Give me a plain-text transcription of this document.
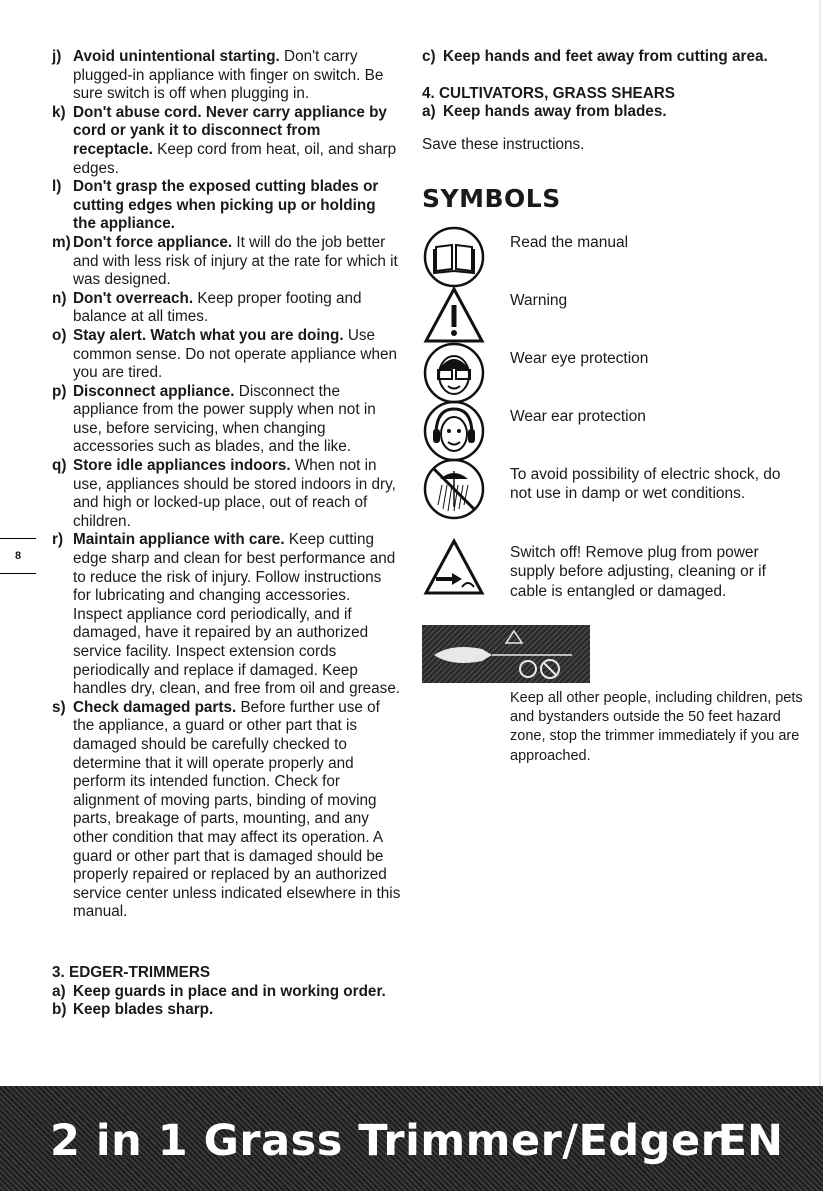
8
j) Avoid unintentional starting. Don't carry plugged-in appliance with finger on switch. Be sure switch is off when plugging in.
k) Don't abuse cord. Never carry appliance by cord or yank it to disconnect from receptacle. Keep cord from heat, oil, and sharp edges.
l) Don't grasp the exposed cutting blades or cutting edges when picking up or holding the appliance.
m) Don't force appliance. It will do the job better and with less risk of injury at the rate for which it was designed.
n) Don't overreach. Keep proper footing and balance at all times.
o) Stay alert. Watch what you are doing. Use common sense. Do not operate appliance when you are tired.
p) Disconnect appliance. Disconnect the appliance from the power supply when not in use, before servicing, when changing accessories such as blades, and the like.
q) Store idle appliances indoors. When not in use, appliances should be stored indoors in dry, and high or locked-up place, out of reach of children.
r) Maintain appliance with care. Keep cutting edge sharp and clean for best performance and to reduce the risk of injury. Follow instructions for lubricating and changing accessories. Inspect appliance cord periodically, and if damaged, have it repaired by an authorized service facility. Inspect extension cords periodically and replace if damaged. Keep handles dry, clean, and free from oil and grease.
s) Check damaged parts. Before further use of the appliance, a guard or other part that is damaged should be carefully checked to determine that it will operate properly and perform its intended function. Check for alignment of moving parts, binding of moving parts, breakage of parts, mounting, and any other condition that may affect its operation. A guard or other part that is damaged should be properly repaired or replaced by an authorized service center unless indicated elsewhere in this manual.
3. EDGER-TRIMMERS
a) Keep guards in place and in working order.
b) Keep blades sharp.
c) Keep hands and feet away from cutting area.
4. CULTIVATORS, GRASS SHEARS
a) Keep hands away from blades.
Save these instructions.
SYMBOLS
Read the manual
Warning
Wear eye protection
Wear ear protection
To avoid possibility of electric shock, do not use in damp or wet conditions.
Switch off! Remove plug from power supply before adjusting, cleaning or if cable is entangled or damaged.
Keep all other people, including children, pets and bystanders outside the 50 feet hazard zone, stop the trimmer immediately if you are approached.
2 in 1 Grass Trimmer/Edger
EN
